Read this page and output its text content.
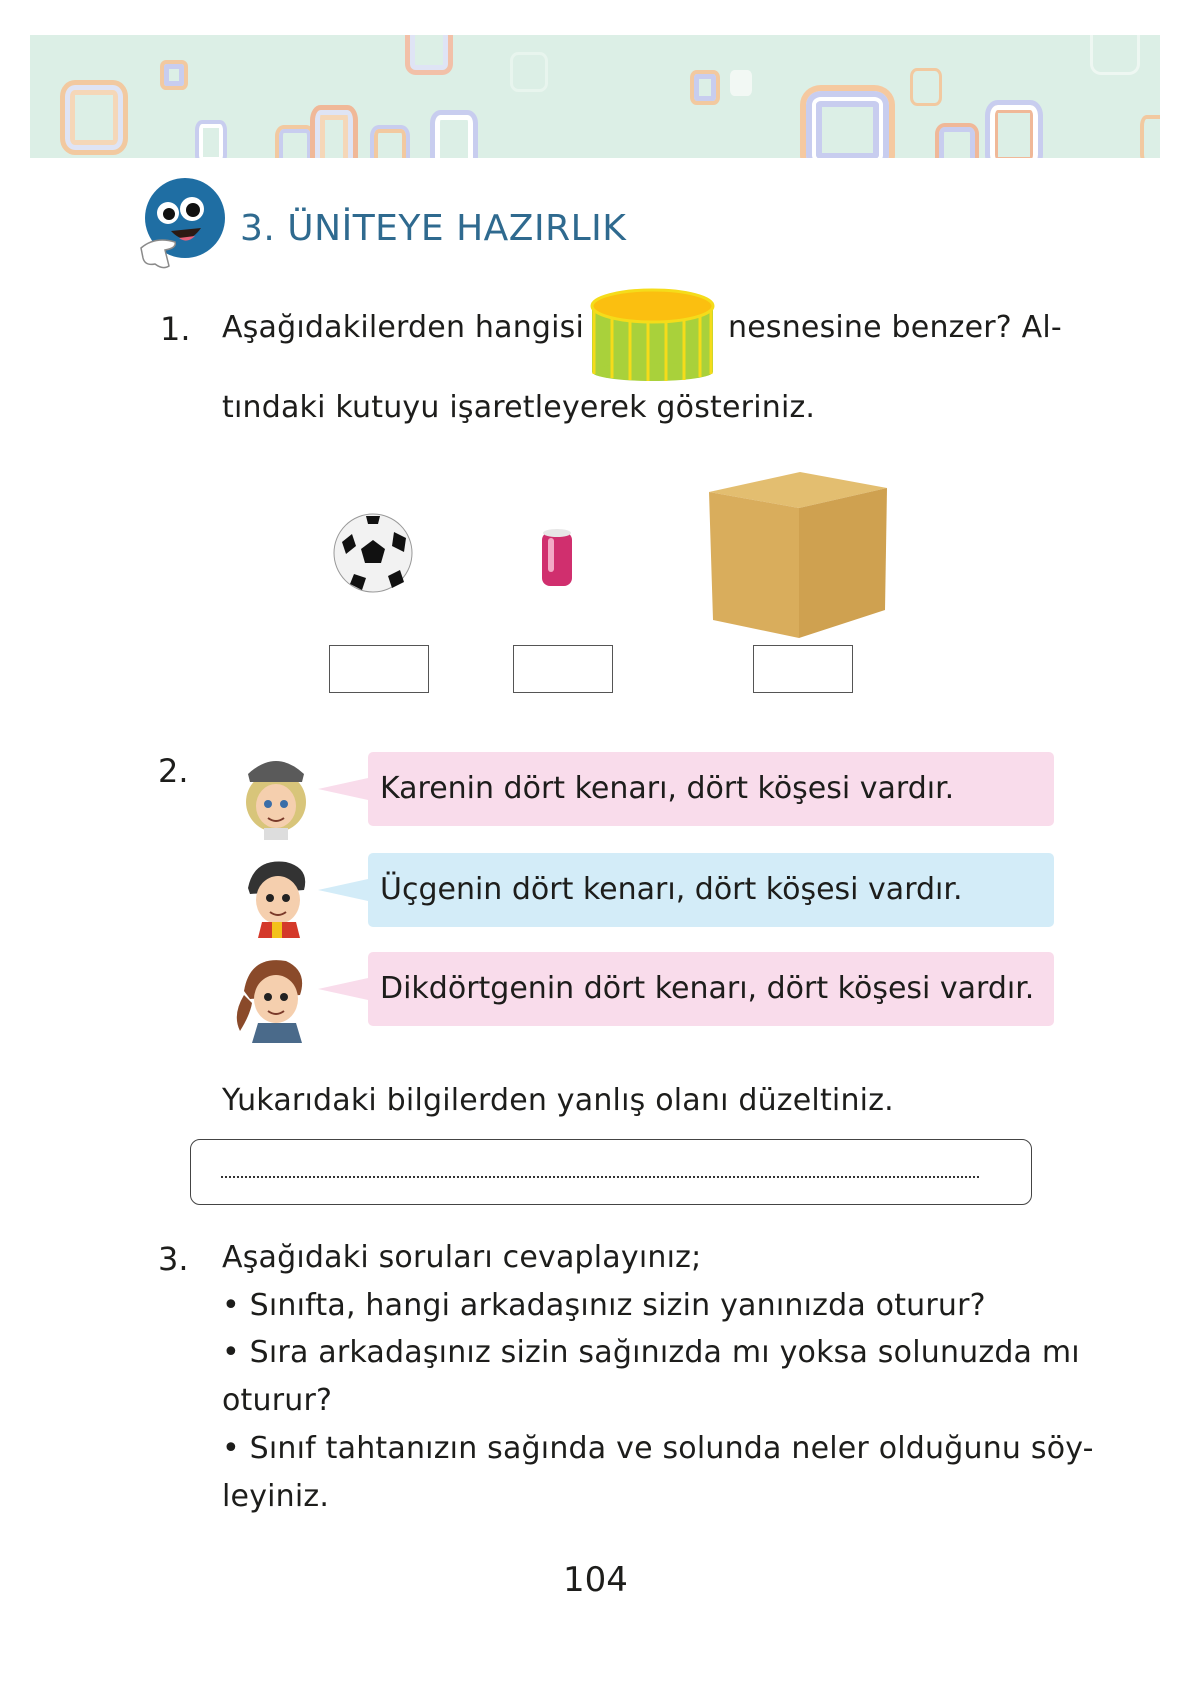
3. ÜNİTEYE HAZIRLIK
1. Aşağıdakilerden hangisi	nesnesine benzer? Al-
tındaki kutuyu işaretleyerek gösteriniz.
2.	Karenin dört kenarı, dört köşesi vardır.
Üçgenin dört kenarı, dört köşesi vardır.
Dikdörtgenin dört kenarı, dört köşesi vardır.
Yukarıdaki bilgilerden yanlış olanı düzeltiniz.
3. Aşağıdaki soruları cevaplayınız;
• Sınıfta, hangi arkadaşınız sizin yanınızda oturur?
• Sıra arkadaşınız sizin sağınızda mı yoksa solunuzda mı
oturur?
• Sınıf tahtanızın sağında ve solunda neler olduğunu söy-
leyiniz.
104
